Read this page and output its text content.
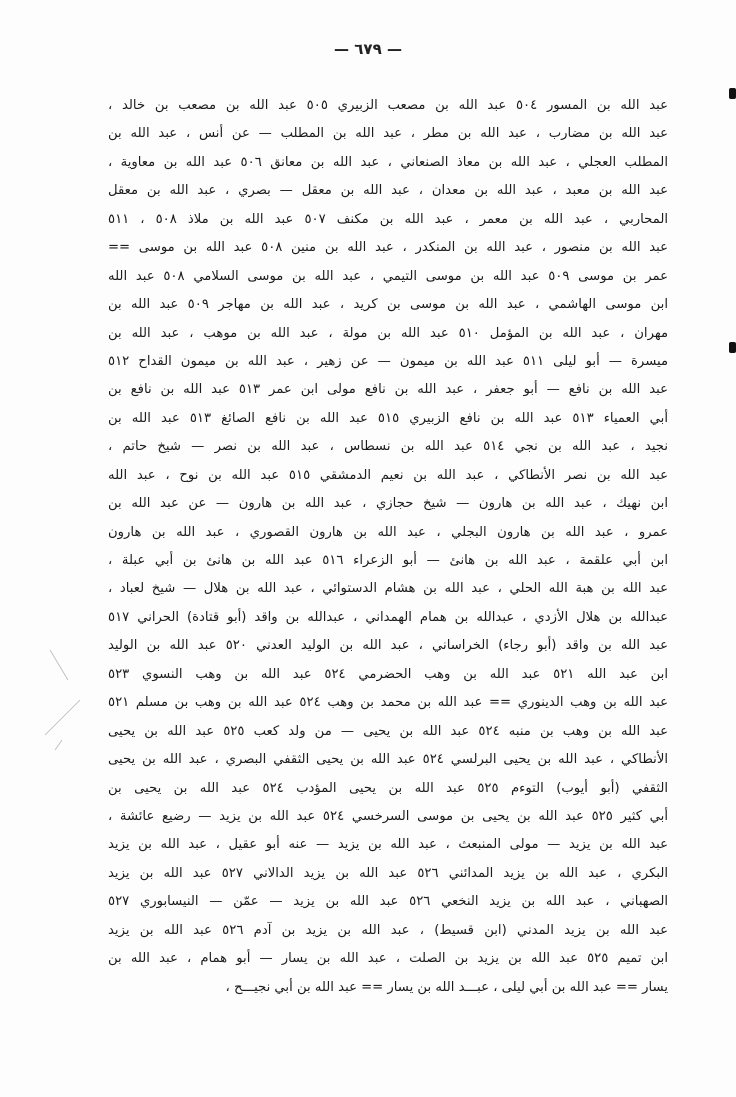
— ٦٧٩ —
عبد الله بن المسور ٥٠٤ عبد الله بن مصعب الزبيري ٥٠٥ عبد الله بن مصعب بن خالد ،
عبد الله بن مضارب ، عبد الله بن مطر ، عبد الله بن المطلب — عن أنس ، عبد الله بن
المطلب العجلي ، عبد الله بن معاذ الصنعاني ، عبد الله بن معانق ٥٠٦ عبد الله بن معاوية ،
عبد الله بن معبد ، عبد الله بن معدان ، عبد الله بن معقل — بصري ، عبد الله بن معقل
المحاربي ، عبد الله بن معمر ، عبد الله بن مكنف ٥٠٧ عبد الله بن ملاذ ٥٠٨ ، ٥١١
عبد الله بن منصور ، عبد الله بن المنكدر ، عبد الله بن منين ٥٠٨ عبد الله بن موسى ==
عمر بن موسى ٥٠٩ عبد الله بن موسى التيمي ، عبد الله بن موسى السلامي ٥٠٨ عبد الله
ابن موسى الهاشمي ، عبد الله بن موسى بن كريد ، عبد الله بن مهاجر ٥٠٩ عبد الله بن
مهران ، عبد الله بن المؤمل ٥١٠ عبد الله بن مولة ، عبد الله بن موهب ، عبد الله بن
ميسرة — أبو ليلى ٥١١ عبد الله بن ميمون — عن زهير ، عبد الله بن ميمون القداح ٥١٢
عبد الله بن نافع — أبو جعفر ، عبد الله بن نافع مولى ابن عمر ٥١٣ عبد الله بن نافع بن
أبي العمياء ٥١٣ عبد الله بن نافع الزبيري ٥١٥ عبد الله بن نافع الصائغ ٥١٣ عبد الله بن
نجيد ، عبد الله بن نجي ٥١٤ عبد الله بن نسطاس ، عبد الله بن نصر — شيخ حاتم ،
عبد الله بن نصر الأنطاكي ، عبد الله بن نعيم الدمشقي ٥١٥ عبد الله بن نوح ، عبد الله
ابن نهيك ، عبد الله بن هارون — شيخ حجازي ، عبد الله بن هارون — عن عبد الله بن
عمرو ، عبد الله بن هارون البجلي ، عبد الله بن هارون القصوري ، عبد الله بن هارون
ابن أبي علقمة ، عبد الله بن هانئ — أبو الزعراء ٥١٦ عبد الله بن هانئ بن أبي عبلة ،
عبد الله بن هبة الله الحلي ، عبد الله بن هشام الدستوائي ، عبد الله بن هلال — شيخ لعباد ،
عبدالله بن هلال الأزدي ، عبدالله بن همام الهمداني ، عبدالله بن واقد (أبو قتادة) الحراني ٥١٧
عبد الله بن واقد (أبو رجاء) الخراساني ، عبد الله بن الوليد العدني ٥٢٠ عبد الله بن الوليد
ابن عبد الله ٥٢١ عبد الله بن وهب الحضرمي ٥٢٤ عبد الله بن وهب النسوي ٥٢٣
عبد الله بن وهب الدينوري == عبد الله بن محمد بن وهب ٥٢٤ عبد الله بن وهب بن مسلم ٥٢١
عبد الله بن وهب بن منبه ٥٢٤ عبد الله بن يحيى — من ولد كعب ٥٢٥ عبد الله بن يحيى
الأنطاكي ، عبد الله بن يحيى البرلسي ٥٢٤ عبد الله بن يحيى الثقفي البصري ، عبد الله بن يحيى
الثقفي (أبو أيوب) التوءم ٥٢٥ عبد الله بن يحيى المؤدب ٥٢٤ عبد الله بن يحيى بن
أبي كثير ٥٢٥ عبد الله بن يحيى بن موسى السرخسي ٥٢٤ عبد الله بن يزيد — رضيع عائشة ،
عبد الله بن يزيد — مولى المنبعث ، عبد الله بن يزيد — عنه أبو عقيل ، عبد الله بن يزيد
البكري ، عبد الله بن يزيد المدائني ٥٢٦ عبد الله بن يزيد الدالاني ٥٢٧ عبد الله بن يزيد
الصهباني ، عبد الله بن يزيد النخعي ٥٢٦ عبد الله بن يزيد — عمّن — النيسابوري ٥٢٧
عبد الله بن يزيد المدني (ابن قسيط) ، عبد الله بن يزيد بن آدم ٥٢٦ عبد الله بن يزيد
ابن تميم ٥٢٥ عبد الله بن يزيد بن الصلت ، عبد الله بن يسار — أبو همام ، عبد الله بن
يسار == عبد الله بن أبي ليلى ، عبـــد الله بن يسار == عبد الله بن أبي نجيـــح ،
